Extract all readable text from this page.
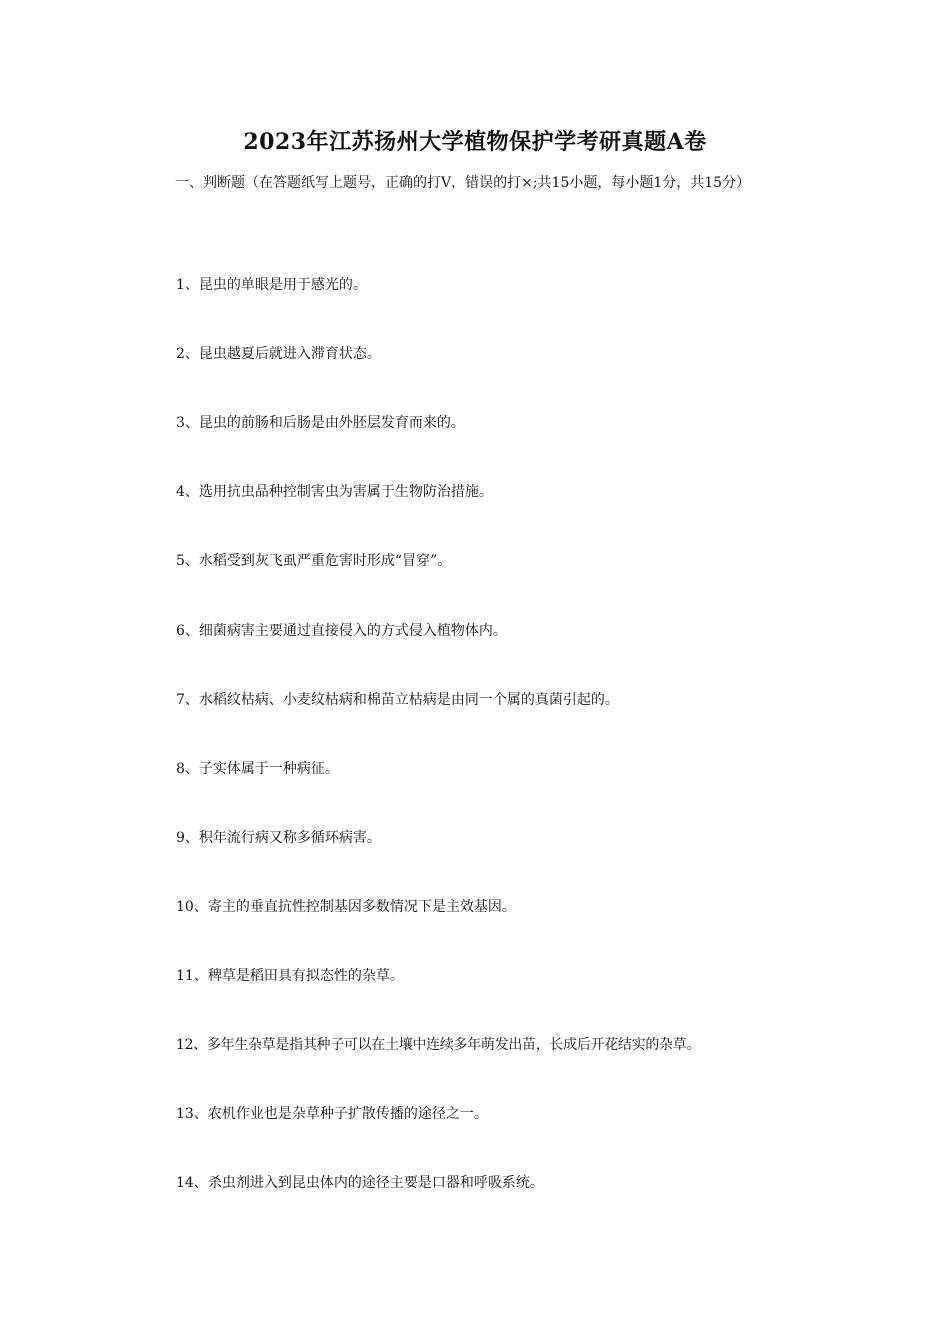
2023年江苏扬州大学植物保护学考研真题A卷
一、判断题（在答题纸写上题号，正确的打V，错误的打×;共15小题，每小题1分，共15分）
1、昆虫的单眼是用于感光的。
2、昆虫越夏后就进入滞育状态。
3、昆虫的前肠和后肠是由外胚层发育而来的。
4、选用抗虫品种控制害虫为害属于生物防治措施。
5、水稻受到灰飞虱严重危害时形成“冒穿”。
6、细菌病害主要通过直接侵入的方式侵入植物体内。
7、水稻纹枯病、小麦纹枯病和棉苗立枯病是由同一个属的真菌引起的。
8、子实体属于一种病征。
9、积年流行病又称多循环病害。
10、寄主的垂直抗性控制基因多数情况下是主效基因。
11、稗草是稻田具有拟态性的杂草。
12、多年生杂草是指其种子可以在土壤中连续多年萌发出苗，长成后开花结实的杂草。
13、农机作业也是杂草种子扩散传播的途径之一。
14、杀虫剂进入到昆虫体内的途径主要是口器和呼吸系统。
